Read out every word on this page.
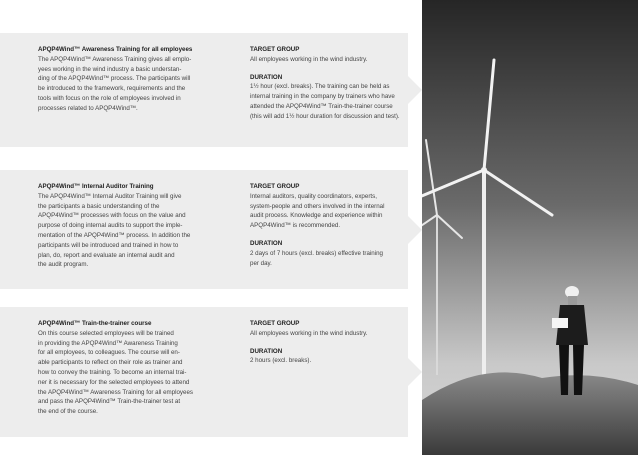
APQP4Wind™ Awareness Training for all employees
The APQP4Wind™ Awareness Training gives all emplo-
yees working in the wind industry a basic understan-
ding of the APQP4Wind™ process. The participants will
be introduced to the framework, requirements and the
tools with focus on the role of employees involved in
processes related to APQP4Wind™.
TARGET GROUP
All employees working in the wind industry.
DURATION
1½ hour (excl. breaks). The training can be held as
internal training in the company by trainers who have
attended the APQP4Wind™ Train-the-trainer course
(this will add 1½ hour duration for discussion and test).
APQP4Wind™ Internal Auditor Training
The APQP4Wind™ Internal Auditor Training will give
the participants a basic understanding of the
APQP4Wind™ processes with focus on the value and
purpose of doing internal audits to support the imple-
mentation of the APQP4Wind™ process. In addition the
participants will be introduced and trained in how to
plan, do, report and evaluate an internal audit and
the audit program.
TARGET GROUP
Internal auditors, quality coordinators, experts,
system-people and others involved in the internal
audit process. Knowledge and experience within
APQP4Wind™ is recommended.
DURATION
2 days of 7 hours (excl. breaks) effective training
per day.
APQP4Wind™ Train-the-trainer course
On this course selected employees will be trained
in providing the APQP4Wind™ Awareness Training
for all employees, to colleagues. The course will en-
able participants to reflect on their role as trainer and
how to convey the training. To become an internal trai-
ner it is necessary for the selected employees to attend
the APQP4Wind™ Awareness Training for all employees
and pass the APQP4Wind™ Train-the-trainer test at
the end of the course.
TARGET GROUP
All employees working in the wind industry.
DURATION
2 hours (excl. breaks).
